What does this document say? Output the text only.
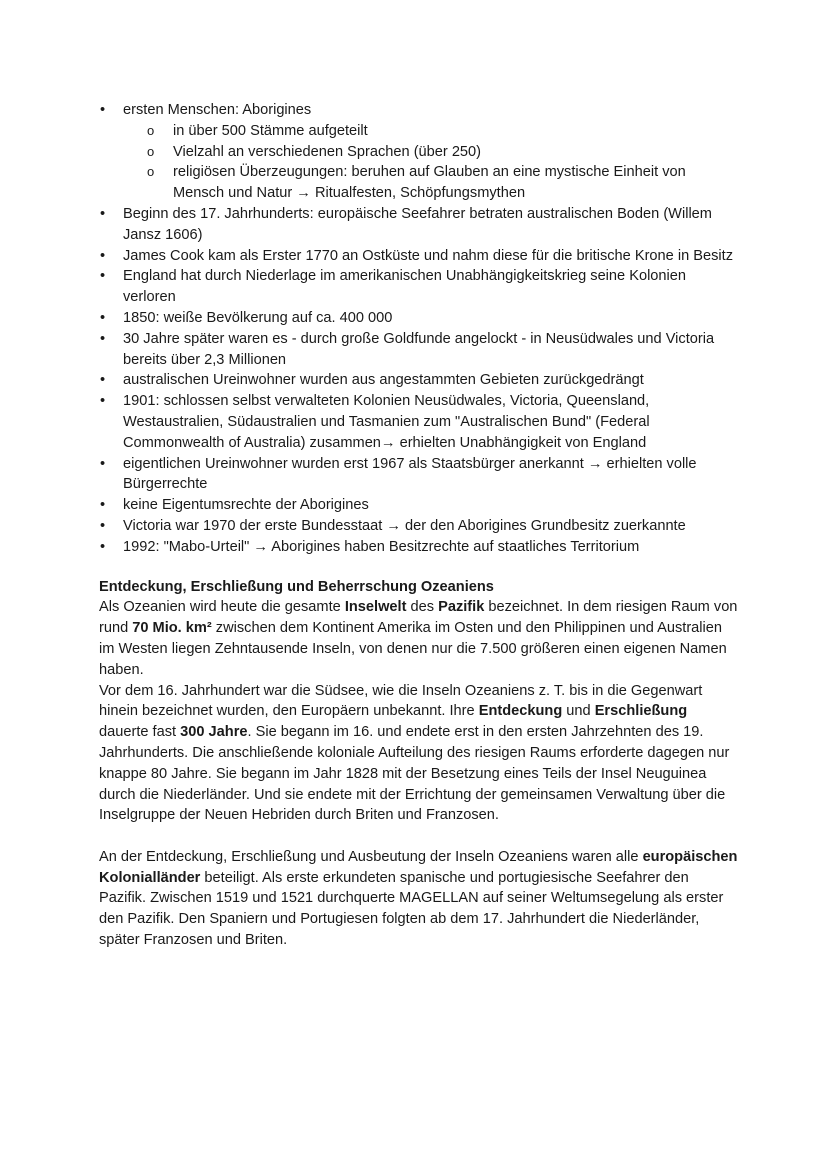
•	ersten Menschen: Aborigines
o	in über 500 Stämme aufgeteilt
o	Vielzahl an verschiedenen Sprachen (über 250)
o	religiösen Überzeugungen: beruhen auf Glauben an eine mystische Einheit von Mensch und Natur → Ritualfesten, Schöpfungsmythen
•	Beginn des 17. Jahrhunderts: europäische Seefahrer betraten australischen Boden (Willem Jansz 1606)
•	James Cook kam als Erster 1770 an Ostküste und nahm diese für die britische Krone in Besitz
•	England hat durch Niederlage im amerikanischen Unabhängigkeitskrieg seine Kolonien verloren
•	1850: weiße Bevölkerung auf ca. 400 000
•	30 Jahre später waren es - durch große Goldfunde angelockt - in Neusüdwales und Victoria bereits über 2,3 Millionen
•	australischen Ureinwohner wurden aus angestammten Gebieten zurückgedrängt
•	1901: schlossen selbst verwalteten Kolonien Neusüdwales, Victoria, Queensland, Westaustralien, Südaustralien und Tasmanien zum "Australischen Bund" (Federal Commonwealth of Australia) zusammen→ erhielten Unabhängigkeit von England
•	eigentlichen Ureinwohner wurden erst 1967 als Staatsbürger anerkannt → erhielten volle Bürgerrechte
•	keine Eigentumsrechte der Aborigines
•	Victoria war 1970 der erste Bundesstaat → der den Aborigines Grundbesitz zuerkannte
•	1992: "Mabo-Urteil" → Aborigines haben Besitzrechte auf staatliches Territorium
Entdeckung, Erschließung und Beherrschung Ozeaniens

Als Ozeanien wird heute die gesamte Inselwelt des Pazifik bezeichnet. In dem riesigen Raum von rund 70 Mio. km² zwischen dem Kontinent Amerika im Osten und den Philippinen und Australien im Westen liegen Zehntausende Inseln, von denen nur die 7.500 größeren einen eigenen Namen haben.

Vor dem 16. Jahrhundert war die Südsee, wie die Inseln Ozeaniens z. T. bis in die Gegenwart hinein bezeichnet wurden, den Europäern unbekannt. Ihre Entdeckung und Erschließung dauerte fast 300 Jahre. Sie begann im 16. und endete erst in den ersten Jahrzehnten des 19. Jahrhunderts. Die anschließende koloniale Aufteilung des riesigen Raums erforderte dagegen nur knappe 80 Jahre. Sie begann im Jahr 1828 mit der Besetzung eines Teils der Insel Neuguinea durch die Niederländer. Und sie endete mit der Errichtung der gemeinsamen Verwaltung über die Inselgruppe der Neuen Hebriden durch Briten und Franzosen.

An der Entdeckung, Erschließung und Ausbeutung der Inseln Ozeaniens waren alle europäischen Kolonialländer beteiligt. Als erste erkundeten spanische und portugiesische Seefahrer den Pazifik. Zwischen 1519 und 1521 durchquerte MAGELLAN auf seiner Weltumsegelung als erster den Pazifik. Den Spaniern und Portugiesen folgten ab dem 17. Jahrhundert die Niederländer, später Franzosen und Briten.
